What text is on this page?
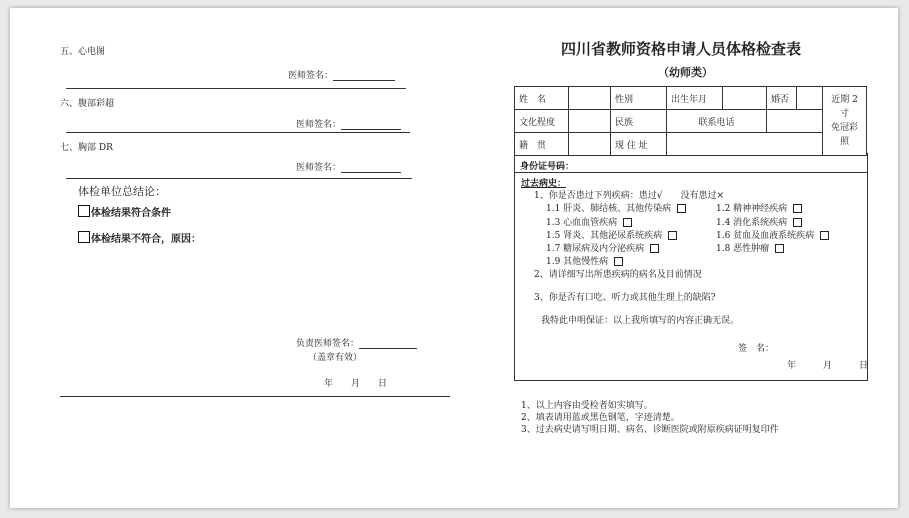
五、心电图
医师签名：
六、腹部彩超
医师签名：
七、胸部 DR
医师签名：
体检单位总结论：
体检结果符合条件
体检结果不符合，原因：
负责医师签名：
（盖章有效）
年　　月　　日
四川省教师资格申请人员体格检查表
（幼师类）
姓　名		性别	出生年月		婚否		近期 2 寸
免冠彩照

文化程度		民族	联系电话				
籍　贯		现 住 址					
身份证号码：
过去病史：
1、你是否患过下列疾病：患过√　　没有患过×
1.1 肝炎、肺结核、其他传染病	1.2 精神神经疾病
1.3 心血血管疾病	1.4 消化系统疾病
1.5 肾炎、其他泌尿系统疾病	1.6 贫血及血液系统疾病
1.7 糖尿病及内分泌疾病	1.8 恶性肿瘤
1.9 其他慢性病
2、请详细写出所患疾病的病名及目前情况
3、你是否有口吃、听力或其他生理上的缺陷?
我特此申明保证：以上我所填写的内容正确无误。
签　名：
年　　　月　　　日
1、以上内容由受检者如实填写。
2、填表请用蓝或黑色钢笔，字迹清楚。
3、过去病史请写明日期、病名、诊断医院或附原疾病证明复印件
